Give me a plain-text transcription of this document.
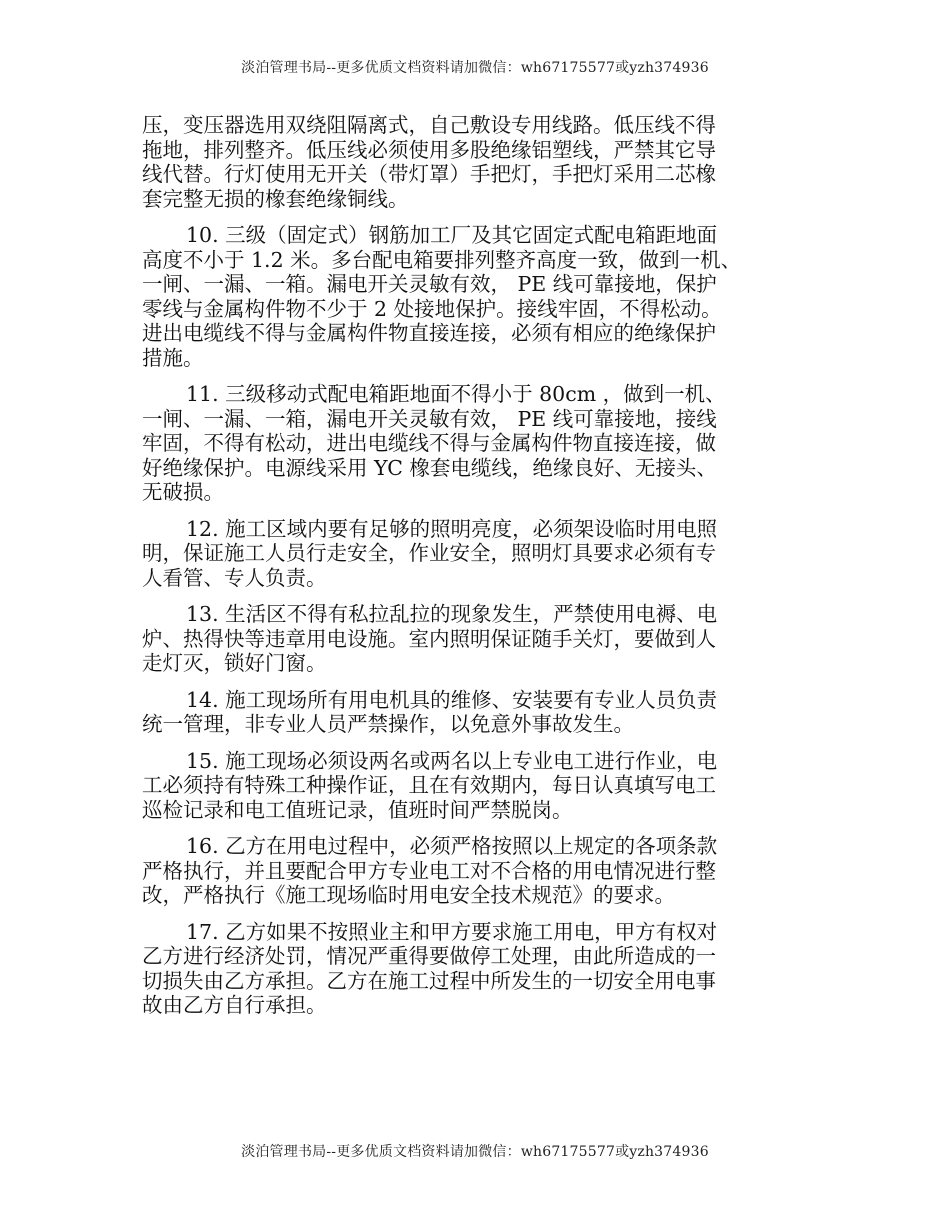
淡泊管理书局--更多优质文档资料请加微信：wh67175577或yzh374936

压，变压器选用双绕阻隔离式，自己敷设专用线路。低压线不得
拖地，排列整齐。低压线必须使用多股绝缘铝塑线，严禁其它导
线代替。行灯使用无开关（带灯罩）手把灯，手把灯采用二芯橡
套完整无损的橡套绝缘铜线。

10. 三级（固定式）钢筋加工厂及其它固定式配电箱距地面
高度不小于 1.2 米。多台配电箱要排列整齐高度一致，做到一机、
一闸、一漏、一箱。漏电开关灵敏有效， PE 线可靠接地，保护
零线与金属构件物不少于 2 处接地保护。接线牢固，不得松动。
进出电缆线不得与金属构件物直接连接，必须有相应的绝缘保护
措施。

11. 三级移动式配电箱距地面不得小于 80cm ，做到一机、
一闸、一漏、一箱，漏电开关灵敏有效， PE 线可靠接地，接线
牢固，不得有松动，进出电缆线不得与金属构件物直接连接，做
好绝缘保护。电源线采用 YC 橡套电缆线，绝缘良好、无接头、
无破损。

12. 施工区域内要有足够的照明亮度，必须架设临时用电照
明，保证施工人员行走安全，作业安全，照明灯具要求必须有专
人看管、专人负责。

13. 生活区不得有私拉乱拉的现象发生，严禁使用电褥、电
炉、热得快等违章用电设施。室内照明保证随手关灯，要做到人
走灯灭，锁好门窗。

14. 施工现场所有用电机具的维修、安装要有专业人员负责
统一管理，非专业人员严禁操作，以免意外事故发生。

15. 施工现场必须设两名或两名以上专业电工进行作业，电
工必须持有特殊工种操作证，且在有效期内，每日认真填写电工
巡检记录和电工值班记录，值班时间严禁脱岗。

16. 乙方在用电过程中，必须严格按照以上规定的各项条款
严格执行，并且要配合甲方专业电工对不合格的用电情况进行整
改，严格执行《施工现场临时用电安全技术规范》的要求。

17. 乙方如果不按照业主和甲方要求施工用电，甲方有权对
乙方进行经济处罚，情况严重得要做停工处理，由此所造成的一
切损失由乙方承担。乙方在施工过程中所发生的一切安全用电事
故由乙方自行承担。

淡泊管理书局--更多优质文档资料请加微信：wh67175577或yzh374936
